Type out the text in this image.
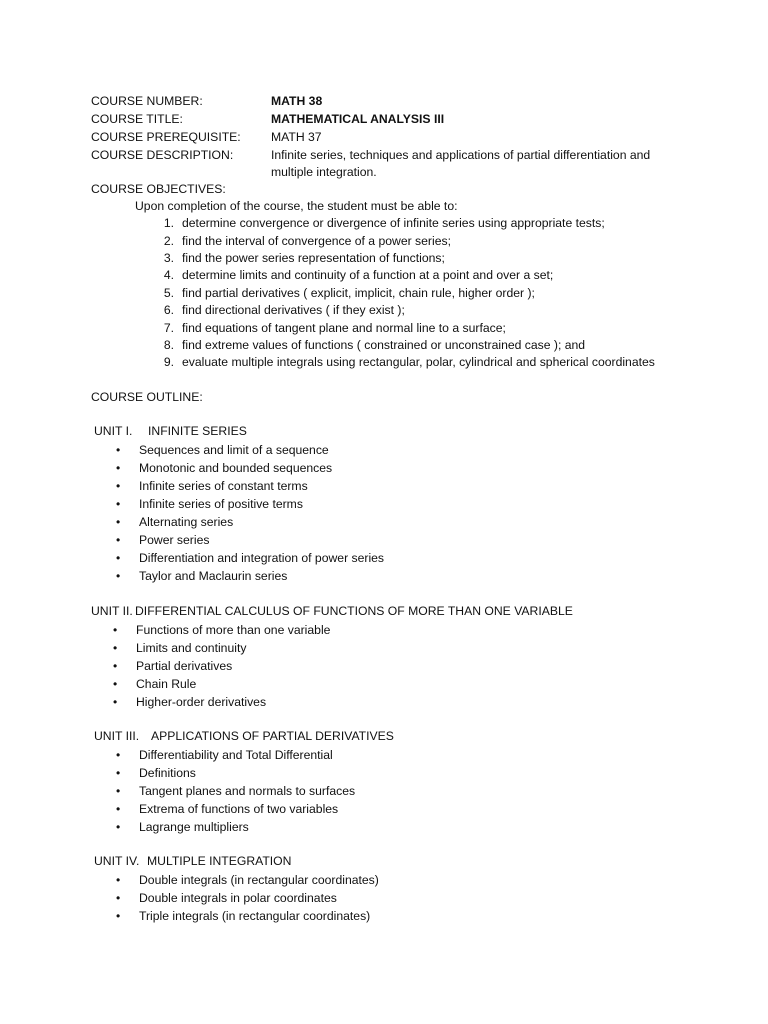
COURSE NUMBER:	MATH 38
COURSE TITLE:	MATHEMATICAL ANALYSIS III
COURSE PREREQUISITE: MATH 37
COURSE DESCRIPTION:	Infinite series, techniques and applications of partial differentiation and
multiple integration.
COURSE OBJECTIVES:
Upon completion of the course, the student must be able to:
1. determine convergence or divergence of infinite series using appropriate tests;
2. find the interval of convergence of a power series;
3. find the power series representation of functions;
4. determine limits and continuity of a function at a point and over a set;
5. find partial derivatives ( explicit, implicit, chain rule, higher order );
6. find directional derivatives ( if they exist );
7. find equations of tangent plane and normal line to a surface;
8. find extreme values of functions ( constrained or unconstrained case ); and
9. evaluate multiple integrals using rectangular, polar, cylindrical and spherical coordinates
COURSE OUTLINE:
UNIT I. INFINITE SERIES
• Sequences and limit of a sequence
• Monotonic and bounded sequences
• Infinite series of constant terms
• Infinite series of positive terms
• Alternating series
• Power series
• Differentiation and integration of power series
• Taylor and Maclaurin series
UNIT II. DIFFERENTIAL CALCULUS OF FUNCTIONS OF MORE THAN ONE VARIABLE
• Functions of more than one variable
• Limits and continuity
• Partial derivatives
• Chain Rule
• Higher-order derivatives
UNIT III. APPLICATIONS OF PARTIAL DERIVATIVES
• Differentiability and Total Differential
• Definitions
• Tangent planes and normals to surfaces
• Extrema of functions of two variables
• Lagrange multipliers
UNIT IV. MULTIPLE INTEGRATION
• Double integrals (in rectangular coordinates)
• Double integrals in polar coordinates
• Triple integrals (in rectangular coordinates)
